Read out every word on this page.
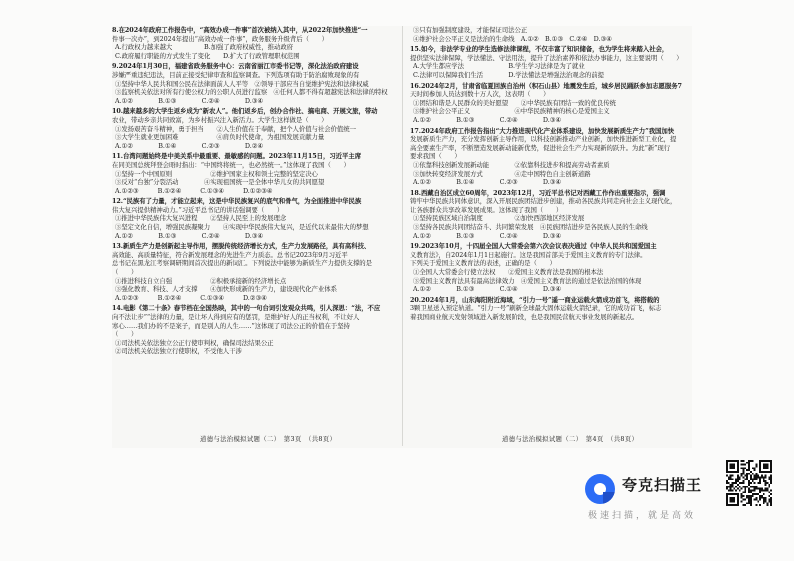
8.在2024年政府工作报告中，“高效办成一件事”首次被纳入其中，从2022年加快推进“一
件事一次办”，到2024年提出“高效办成一件事”，政务服务升级背后（　　）
A.行政权力越来越大　　　　　B.加强了政府权威性，推动政府
C.政府履行职能的方式发生了变化　　D.扩大了行政管理职权范围
9.2024年1月30日，福建省政务服务中心：云南省丽江市委书记等，深化法治政府建设
涉嫌严重违纪违法，目前正接受纪律审查和监察调查。下列选项有助于防治腐败现象的有
①坚持中华人民共和国公民在法律面前人人平等　②领导干部应当自觉维护宪法和法律权威
③监察机关依法对所有行使公权力的公职人员进行监察　④任何人都不得有超越宪法和法律的特权
A.①②　　　　B.①③　　　　C.②④　　　　D.③④
10.越来越多的大学生返乡成为“新农人”。他们返乡后，创办合作社、搞电商、开展文旅，带动
农业，带动乡亲共同致富，为乡村振兴注入新活力。大学生这样做是（　　）
①发扬艰苦奋斗精神，勇于担当　　②人生价值在于奉献，把个人价值与社会价值统一
③大学生就业更加困难　　　　　　④肩负时代使命，为祖国发展贡献力量
A.①②　　　　B.①④　　　　C.②③　　　　D.②④
11.台湾问题始终是中美关系中最重要、最敏感的问题。2023年11月15日，习近平主席
在同美国总统拜登会晤时指出：“中国终将统一，也必然统一。”这体现了我国（　　）
①坚持一个中国原则　　　　　　②维护国家主权和领土完整的坚定决心
③反对“台独”分裂活动　　　　④实现祖国统一是全体中华儿女的共同愿望
A.①②③　　　B.①②④　　　C.①③④　　　D.①②③④
12.“民族有了力量，才能立起来，这是中华民族复兴的底气和骨气，为全面推进中华民族
伟大复兴提供精神动力。”习近平总书记的讲话强调要（　　）
①推进中华民族伟大复兴进程　　②坚持人民至上的发展理念
③坚定文化自信，增强民族凝聚力　　④实现中华民族伟大复兴，是近代以来最伟大的梦想
A.①②　　　　B.①③　　　　C.②④　　　　D.③④
13.新质生产力是创新起主导作用，摆脱传统经济增长方式，生产力发展路径，具有高科技、
高效能、高质量特征，符合新发展理念的先进生产力质态。总书记2023年9月习近平
总书记在黑龙江考察调研期间首次提出的新词汇。下列说法中能够为新质生产力提供支撑的是
（　　）
①推进科技自立自强　　　　　　②积极承接新的经济增长点
③强化教育、科技、人才支撑　　④加快形成新的生产力，建设现代化产业体系
A.①②③　　　B.①②④　　　C.①③④　　　D.②③④
14.电影《第二十条》春节档在全国热映，其中的一句台词引发观众共鸣，引人深思：“法，不应
向不法让步”“法律的力量，是让坏人得到应有的惩罚，是维护好人的正当权利，不让好人
寒心……我们办的不是案子，而是别人的人生……”这体现了司法公正的价值在于坚持
（　　）
①司法机关依法独立公正行使审判权，确保司法结果公正
②司法机关依法独立行使职权，不受他人干涉
③只有加强制度建设，才能保证司法公正
④维护社会公平正义是法治的生命线　A.①②　B.①③　C.②④　D.③④
15.如今，非法学专业的学生选修法律课程，不仅丰富了知识储备，也为学生将来踏入社会，
提供坚实法律保障，学法懂法、守法用法，提升了法治素养和依法办事能力，这主要说明（　　）
A.大学生都应学法　　　　　　　B.学生学习法律是为了就业
C.法律可以保障我们生活　　　　D.学法懂法是增强法治观念的前提
16.2024年2月，甘肃省临夏回族自治州（积石山县）地震发生后，城乡居民踊跃参加志愿服务7
天时间参加人员达到数十万人次，这表明（　　）
①团结和谐是人民群众的美好愿望　　②中华民族有团结一致的优良传统
③维护社会公平正义　　　　　　　④中华民族精神的核心是爱国主义
A.①②　　　　B.①③　　　　C.②④　　　　D.③④
17.2024年政府工作报告指出“大力推进现代化产业体系建设，加快发展新质生产力”我国加快
发展新质生产力，充分发挥创新主导作用，以科技创新推动产业创新，加快推进新型工业化，提
高全要素生产率，不断塑造发展新动能新优势，促进社会生产力实现新的跃升。为此“新”现行
要求我国（　　）
①依靠科技创新发展新动能　　　　②依靠科技进步和提高劳动者素质
③加快转变经济发展方式　　　　　④走中国特色自主创新道路
A.①②　　　　B.①④　　　　C.②③　　　　D.③④
18.西藏自治区成立60周年，2023年12月，习近平总书记对西藏工作作出重要指示，强调
铸牢中华民族共同体意识，深入开展民族团结进步创建，推动各民族共同走向社会主义现代化，
让各族群众共享改革发展成果。这体现了我国（　　）
①坚持民族区域自治制度　　　　　②加快西部地区经济发展
③坚持各民族共同团结奋斗、共同繁荣发展　④民族团结进步是各民族人民的生命线
A.①②　　　　B.①③　　　　C.②④　　　　D.③④
19.2023年10月，十四届全国人大常委会第六次会议表决通过《中华人民共和国爱国主
义教育法》，自2024年1月1日起施行。这是我国首部关于爱国主义教育的专门法律。
下列关于爱国主义教育法的表述，正确的是（　　）
①全国人大常委会行使立法权　　②爱国主义教育法是我国的根本法
③爱国主义教育法具有最高法律效力　④爱国主义教育法的通过是依法治国的体现
A.①②　　　　B.①③　　　　C.①④　　　　D.③④
20.2024年1月，山东海阳附近海域，“引力一号”遥一商业运载火箭成功首飞，将搭载的
3颗卫星送入预定轨道。“引力一号”刷新全球最大固体运载火箭纪录，它的成功首飞，标志
着我国商业航天发射领域进入新发展阶段，也是我国民营航天事业发展的新起点。
道德与法治模拟试题（二）　第3页　（共8页）	道德与法治模拟试题（二）　第4页　（共8页）
夸克扫描王
极速扫描，就是高效
